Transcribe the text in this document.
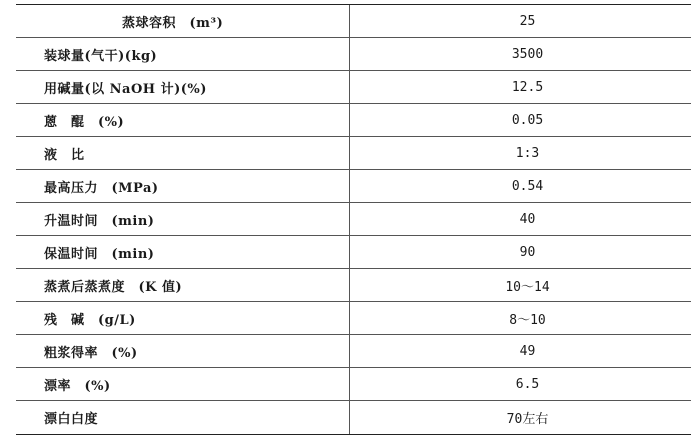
蒸球容积　(m³)	25
装球量(气干)(kg)	3500
用碱量(以 NaOH 计)(%)	12.5
蒽　醌　(%)	0.05
液　比	1:3
最高压力　(MPa)	0.54
升温时间　(min)	40
保温时间　(min)	90
蒸煮后蒸煮度　(K 值)	10～14
残　碱　(g/L)	8～10
粗浆得率　(%)	49
漂率　(%)	6.5
漂白白度	70左右
